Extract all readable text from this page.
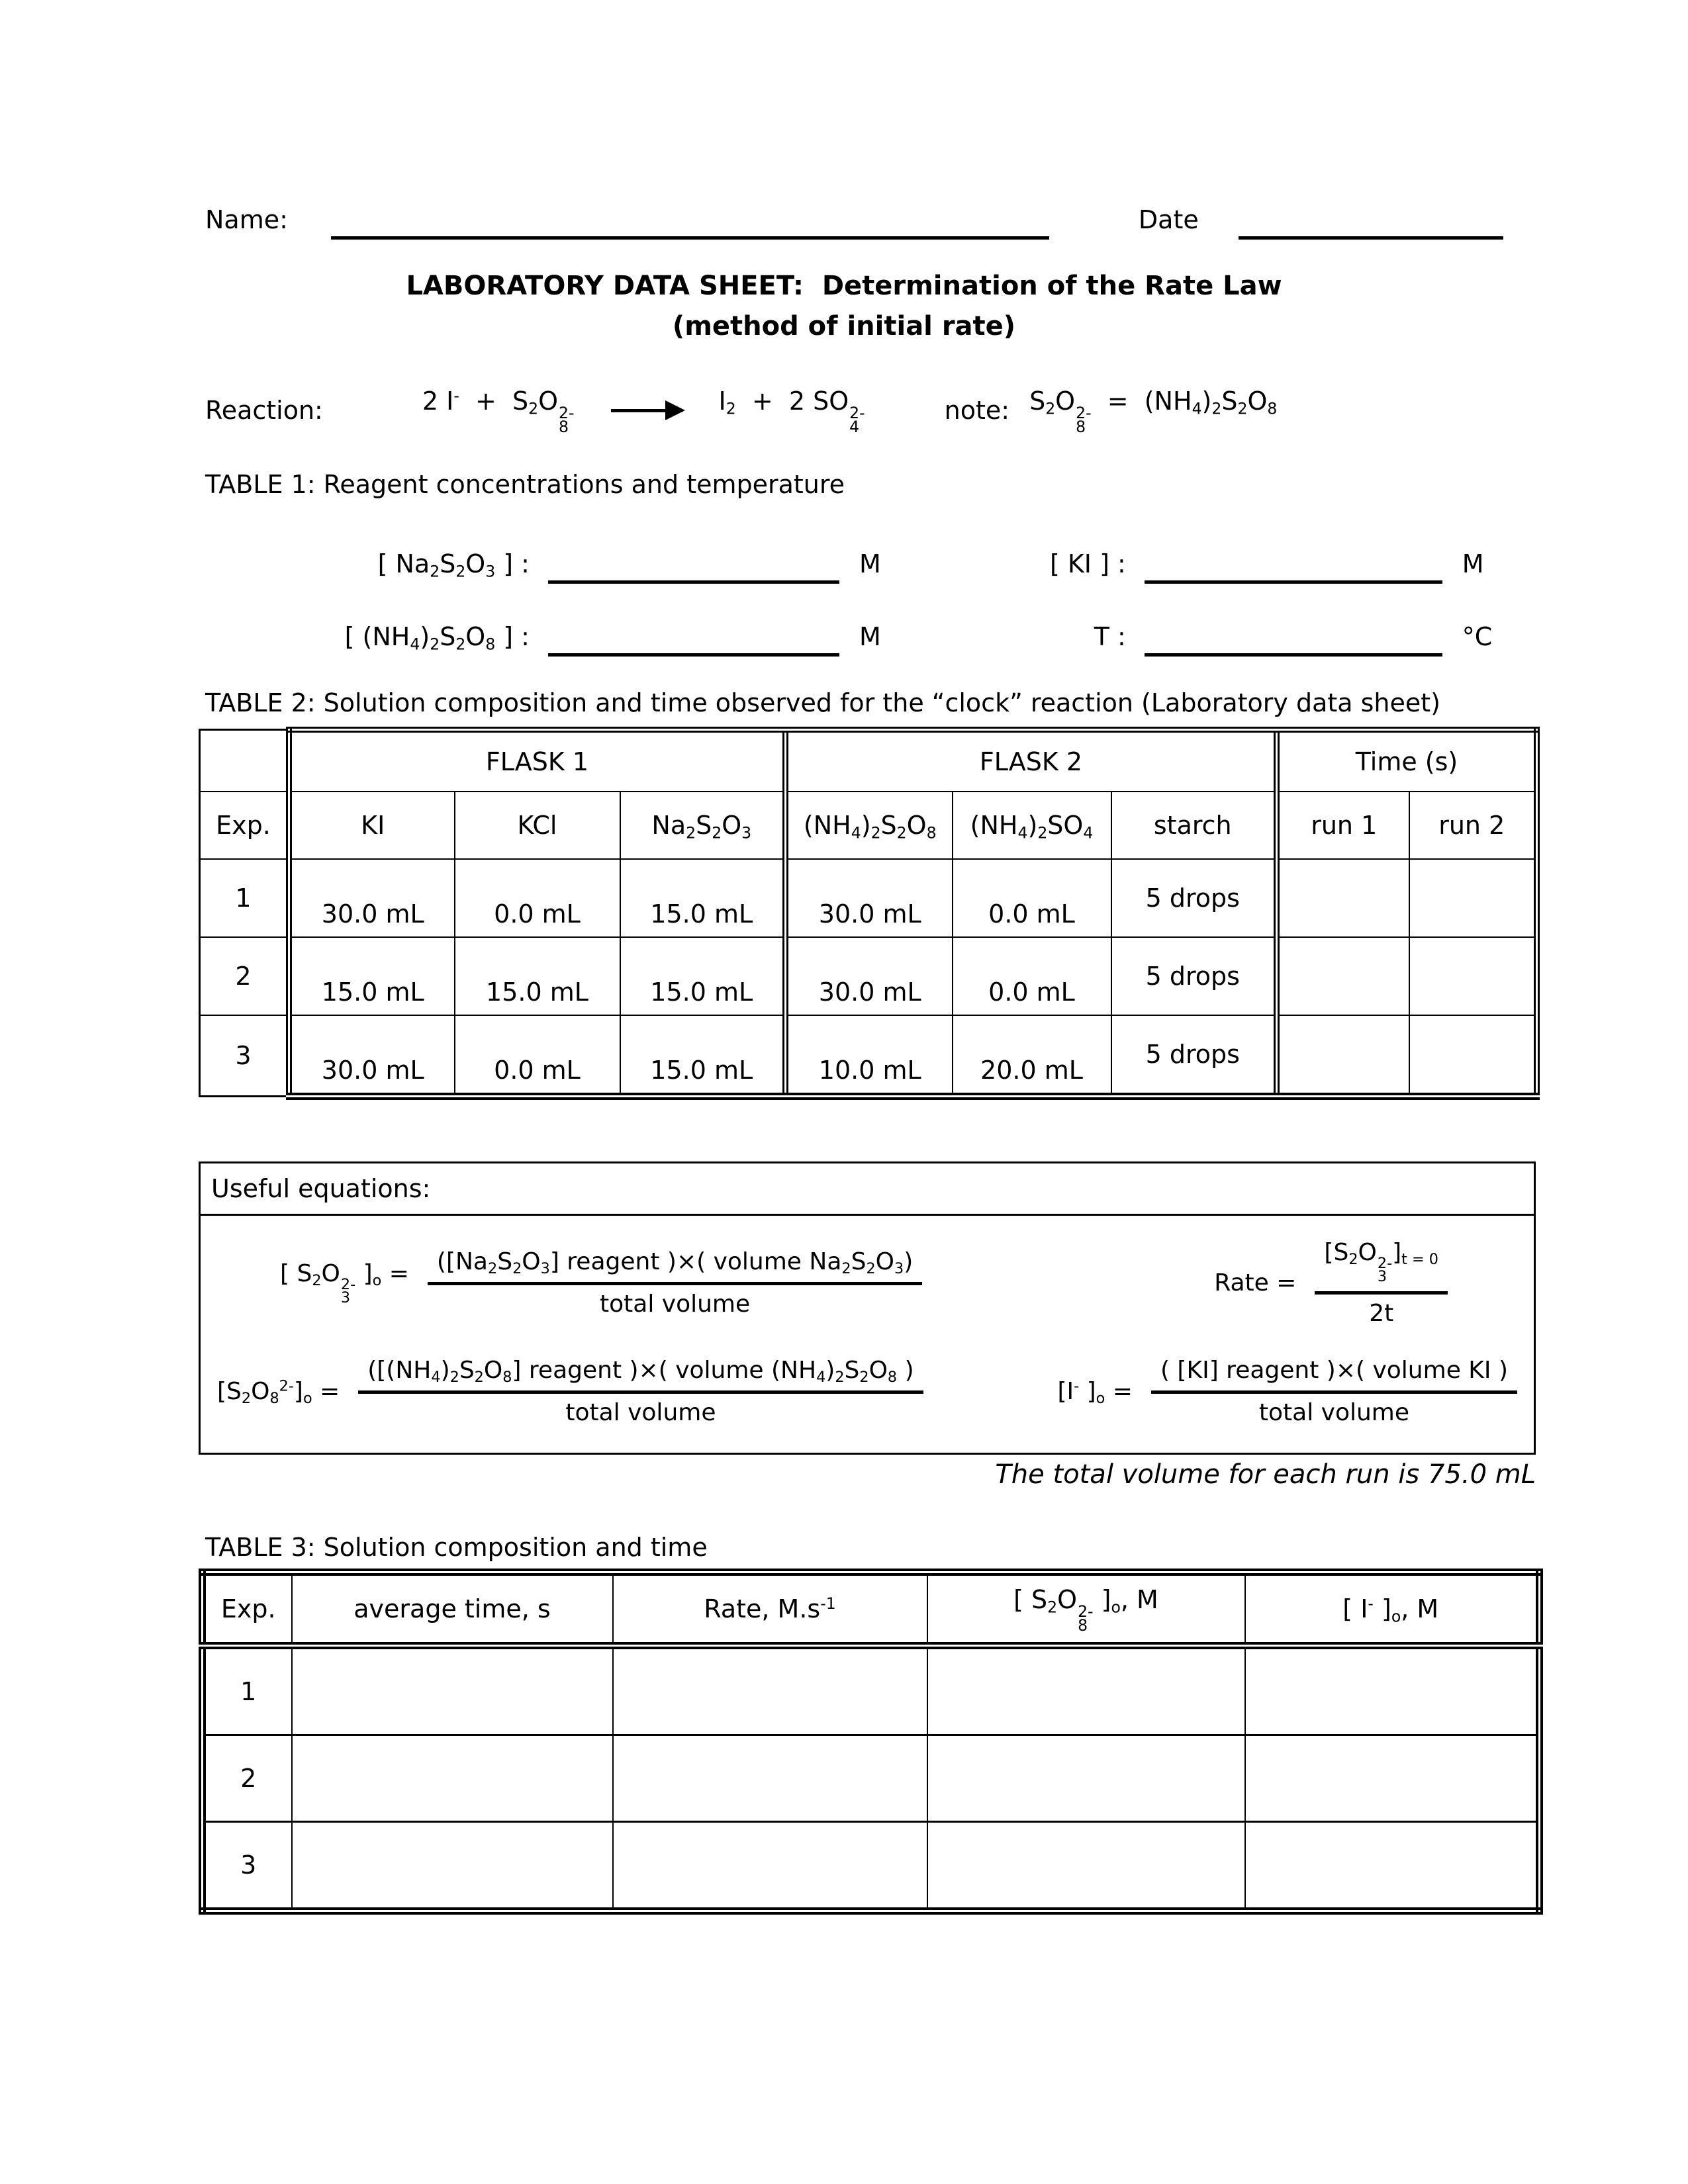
Name:	Date
LABORATORY DATA SHEET:  Determination of the Rate Law
(method of initial rate)
Reaction:	2 $I^- + S_2O$ 2-
8
→ $I_2 + 2$ SO 2-
4
note: $S_2O$ 2-
8
=  $(NH_4)_2S_2O_8$
TABLE 1: Reagent concentrations and temperature
[ $Na_2S_2O_3$ ] :	M	[ KI ] :	M
[ $(NH_4)_2S_2O_8$ ] :	M	T :	°C
TABLE 2: Solution composition and time observed for the “clock” reaction (Laboratory data sheet)
	FLASK 1			FLASK 2			Time (s)	
Exp.	KI	KCl	$Na_2S_2O_3$	$(NH_4)_2S_2O_8$	$(NH_4)_2SO_4$	starch	run 1	run 2
1	30.0 mL	0.0 mL	15.0 mL	30.0 mL	0.0 mL	5 drops		
2	15.0 mL	15.0 mL	15.0 mL	30.0 mL	0.0 mL	5 drops		
3	30.0 mL	0.0 mL	15.0 mL	10.0 mL	20.0 mL	5 drops		
Useful equations:
[ $S_2O$ 2-
3
]$_o = \frac{([Na_2S_2O_3] reagent )\times( volume Na_2S_2O_3)}{\text{total volume}}$	Rate = [$S_2O$ 2-
3
]$_{t = 0}$
2t
$[S_2O_8^{2-}]_o = \frac{([(NH_4)_2S_2O_8] reagent )\times( volume (NH_4)_2S_2O_8 )}{\text{total volume}}$	[I- ]$_o = \frac{\text{( [KI] reagent )×( volume KI )}}{\text{total volume}}$
The total volume for each run is 75.0 mL
TABLE 3: Solution composition and time
Exp.	average time, s	Rate, $M.s^{-1}$	[ $S_2O$ 2-
8
]$_o$, M	[ I- ]$_o$, M
1				
2				
3				
